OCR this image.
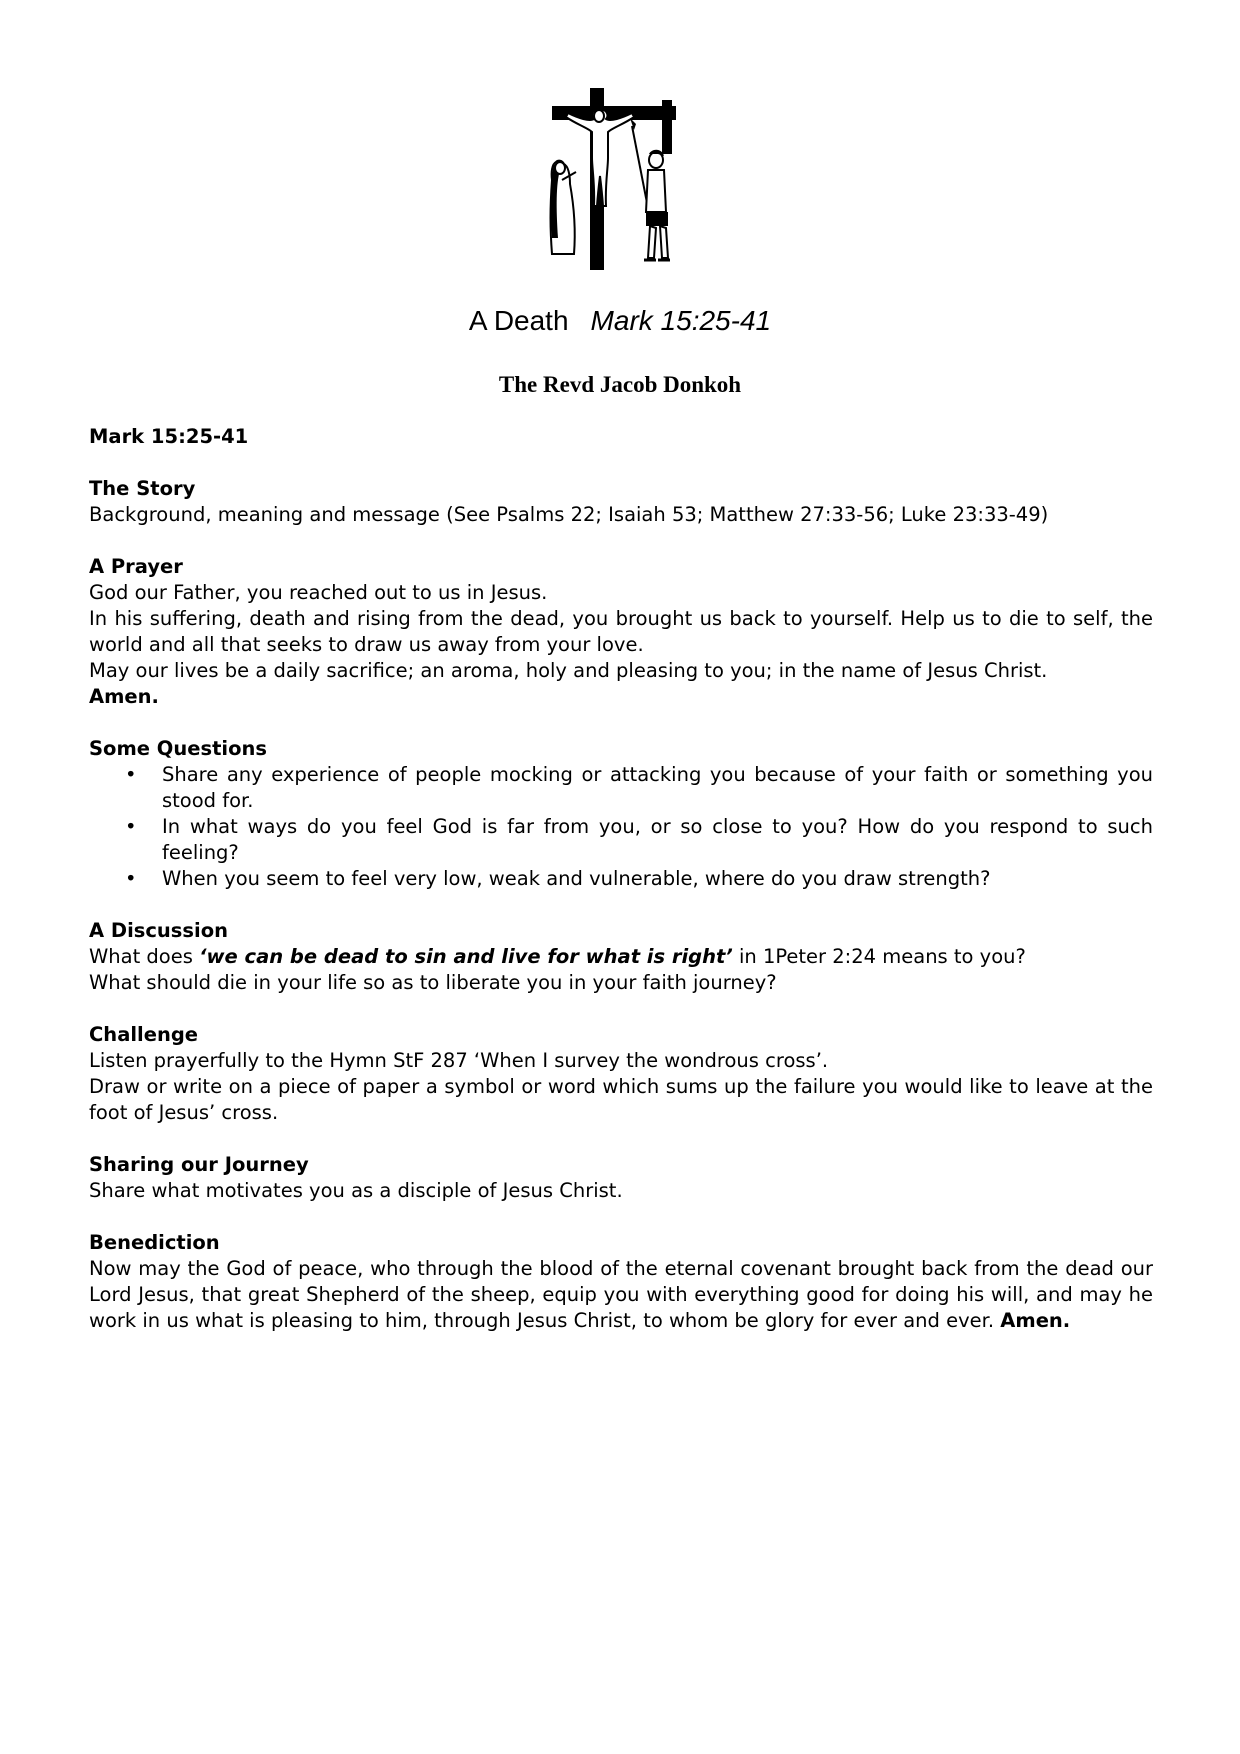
A Death Mark 15:25-41
The Revd Jacob Donkoh

Mark 15:25-41

The Story

Background, meaning and message (See Psalms 22; Isaiah 53; Matthew 27:33-56; Luke 23:33-49)

A Prayer

God our Father, you reached out to us in Jesus.

In his suffering, death and rising from the dead, you brought us back to yourself. Help us to die to self, the world and all that seeks to draw us away from your love.

May our lives be a daily sacrifice; an aroma, holy and pleasing to you; in the name of Jesus Christ.

Amen.

Some Questions

• Share any experience of people mocking or attacking you because of your faith or something you stood for.
• In what ways do you feel God is far from you, or so close to you? How do you respond to such feeling?
• When you seem to feel very low, weak and vulnerable, where do you draw strength?

A Discussion

What does ‘we can be dead to sin and live for what is right’ in 1Peter 2:24 means to you?

What should die in your life so as to liberate you in your faith journey?

Challenge

Listen prayerfully to the Hymn StF 287 ‘When I survey the wondrous cross’.

Draw or write on a piece of paper a symbol or word which sums up the failure you would like to leave at the foot of Jesus’ cross.

Sharing our Journey

Share what motivates you as a disciple of Jesus Christ.

Benediction

Now may the God of peace, who through the blood of the eternal covenant brought back from the dead our Lord Jesus, that great Shepherd of the sheep, equip you with everything good for doing his will, and may he work in us what is pleasing to him, through Jesus Christ, to whom be glory for ever and ever. Amen.
